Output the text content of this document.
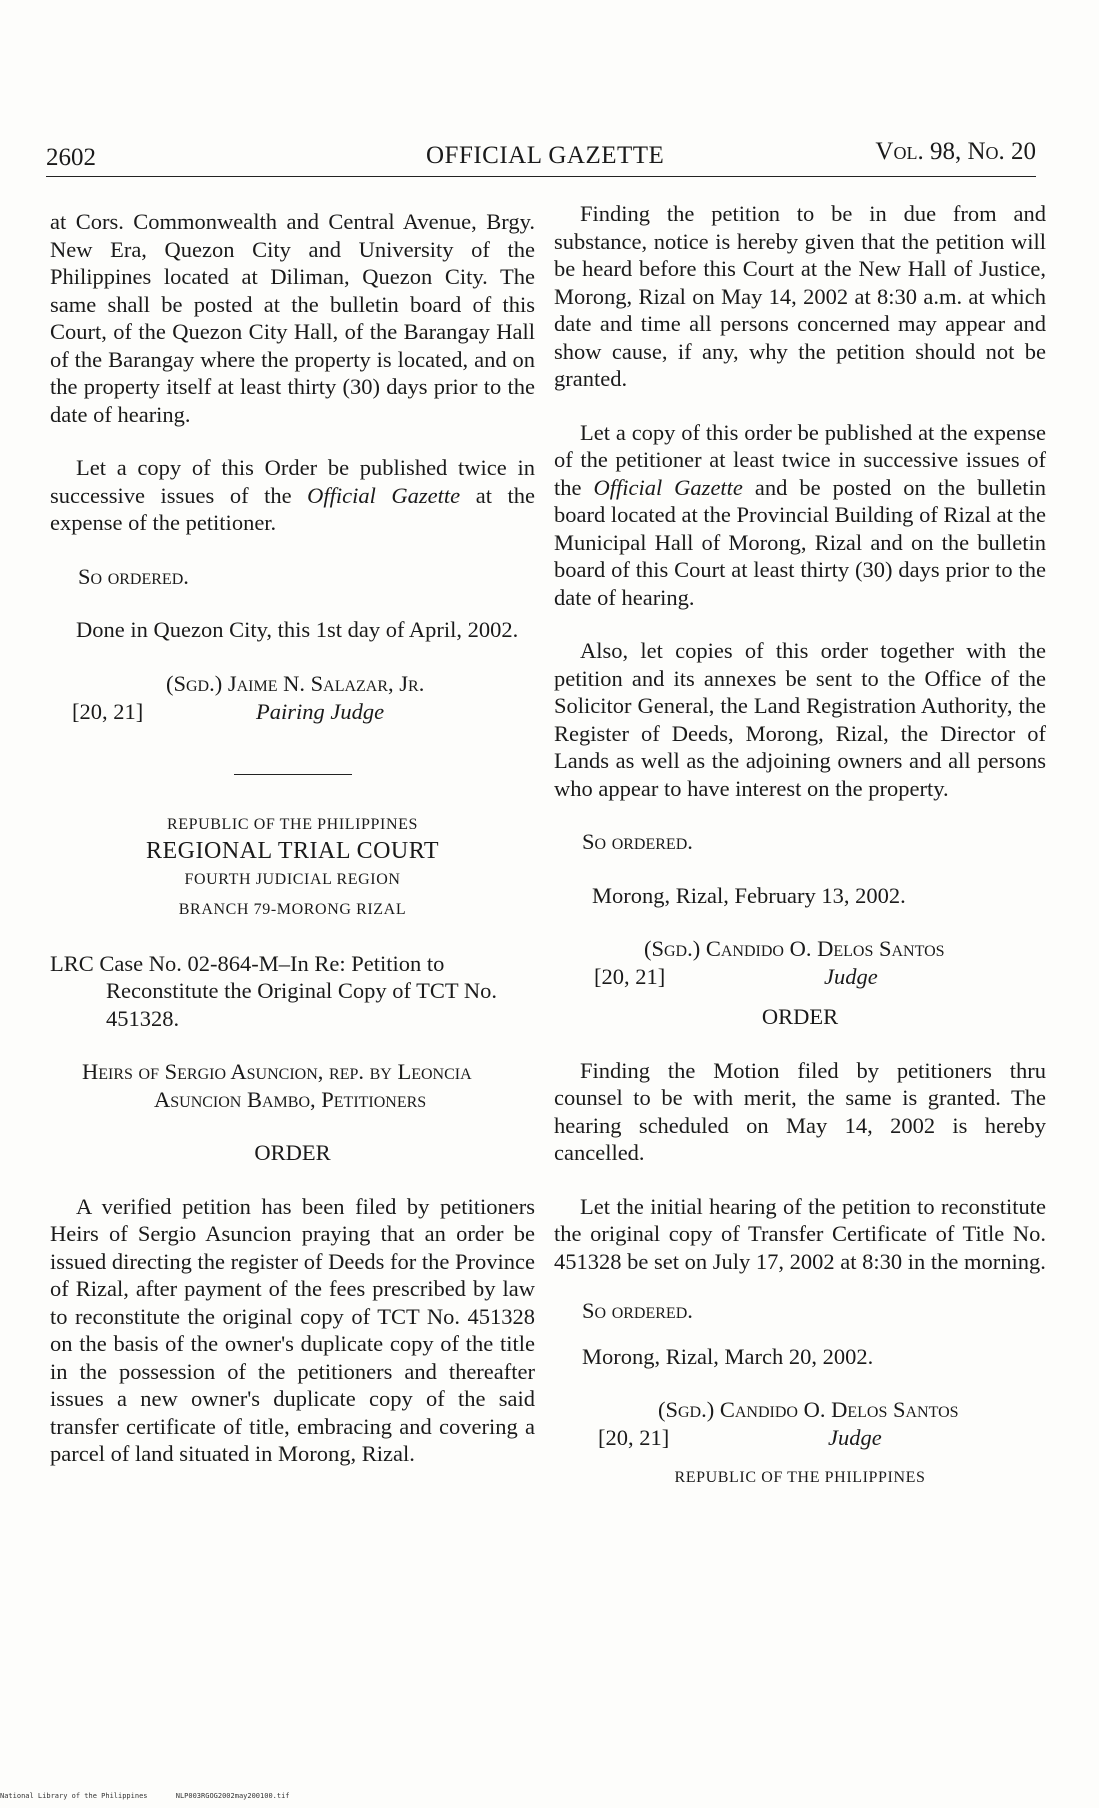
2602	OFFICIAL GAZETTE	Vol. 98, No. 20

at Cors. Commonwealth and Central Avenue, Brgy. New Era, Quezon City and University of the Philippines located at Diliman, Quezon City. The same shall be posted at the bulletin board of this Court, of the Quezon City Hall, of the Barangay Hall of the Barangay where the property is located, and on the property itself at least thirty (30) days prior to the date of hearing.

Let a copy of this Order be published twice in successive issues of the Official Gazette at the expense of the petitioner.

So ordered.

Done in Quezon City, this 1st day of April, 2002.

(Sgd.) Jaime N. Salazar, Jr.
[20, 21]	Pairing Judge

REPUBLIC OF THE PHILIPPINES

REGIONAL TRIAL COURT

FOURTH JUDICIAL REGION

BRANCH 79-MORONG RIZAL

LRC Case No. 02-864-M–In Re: Petition to Reconstitute the Original Copy of TCT No. 451328.

Heirs of Sergio Asuncion, rep. by Leoncia Asuncion Bambo, Petitioners

ORDER

A verified petition has been filed by petitioners Heirs of Sergio Asuncion praying that an order be issued directing the register of Deeds for the Province of Rizal, after payment of the fees prescribed by law to reconstitute the original copy of TCT No. 451328 on the basis of the owner's duplicate copy of the title in the possession of the petitioners and thereafter issues a new owner's duplicate copy of the said transfer certificate of title, embracing and covering a parcel of land situated in Morong, Rizal.

Finding the petition to be in due from and substance, notice is hereby given that the petition will be heard before this Court at the New Hall of Justice, Morong, Rizal on May 14, 2002 at 8:30 a.m. at which date and time all persons concerned may appear and show cause, if any, why the petition should not be granted.

Let a copy of this order be published at the expense of the petitioner at least twice in successive issues of the Official Gazette and be posted on the bulletin board located at the Provincial Building of Rizal at the Municipal Hall of Morong, Rizal and on the bulletin board of this Court at least thirty (30) days prior to the date of hearing.

Also, let copies of this order together with the petition and its annexes be sent to the Office of the Solicitor General, the Land Registration Authority, the Register of Deeds, Morong, Rizal, the Director of Lands as well as the adjoining owners and all persons who appear to have interest on the property.

So ordered.

Morong, Rizal, February 13, 2002.

(Sgd.) Candido O. Delos Santos
[20, 21]	Judge

ORDER

Finding the Motion filed by petitioners thru counsel to be with merit, the same is granted. The hearing scheduled on May 14, 2002 is hereby cancelled.

Let the initial hearing of the petition to reconstitute the original copy of Transfer Certificate of Title No. 451328 be set on July 17, 2002 at 8:30 in the morning.

So ordered.

Morong, Rizal, March 20, 2002.

(Sgd.) Candido O. Delos Santos
[20, 21]	Judge

REPUBLIC OF THE PHILIPPINES

National Library of the Philippines	NLP003RGOG2002may200100.tif
